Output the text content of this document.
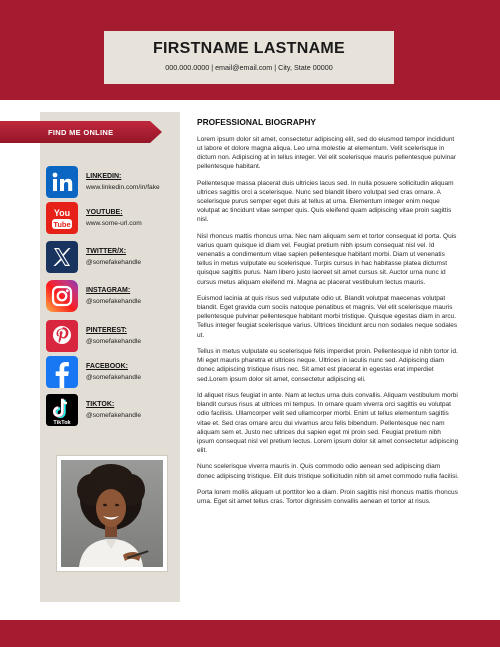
FIRSTNAME LASTNAME
000.000.0000 | email@email.com | City, State 00000
FIND ME ONLINE
LINKEDIN:
www.linkedin.com/in/fake
You
Tube
YOUTUBE:
www.some-url.com
TWITTER/X:
@somefakehandle
INSTAGRAM:
@somefakehandle
PINTEREST:
@somefakehandle
FACEBOOK:
@somefakehandle
TikTok
TIKTOK:
@somefakehandle
PROFESSIONAL BIOGRAPHY

Lorem ipsum dolor sit amet, consectetur adipiscing elit, sed do eiusmod tempor incididunt ut labore et dolore magna aliqua. Leo urna molestie at elementum. Velit scelerisque in dictum non. Adipiscing at in tellus integer. Vel elit scelerisque mauris pellentesque pulvinar pellentesque habitant.

Pellentesque massa placerat duis ultricies lacus sed. In nulla posuere sollicitudin aliquam ultrices sagittis orci a scelerisque. Nunc sed blandit libero volutpat sed cras ornare. A scelerisque purus semper eget duis at tellus at urna. Elementum integer enim neque volutpat ac tincidunt vitae semper quis. Quis eleifend quam adipiscing vitae proin sagittis nisl.

Nisl rhoncus mattis rhoncus urna. Nec nam aliquam sem et tortor consequat id porta. Quis varius quam quisque id diam vel. Feugiat pretium nibh ipsum consequat nisl vel. Id venenatis a condimentum vitae sapien pellentesque habitant morbi. Diam ut venenatis tellus in metus vulputate eu scelerisque. Turpis cursus in hac habitasse platea dictumst quisque sagittis purus. Nam libero justo laoreet sit amet cursus sit. Auctor urna nunc id cursus metus aliquam eleifend mi. Magna ac placerat vestibulum lectus mauris.

Euismod lacinia at quis risus sed vulputate odio ut. Blandit volutpat maecenas volutpat blandit. Eget gravida cum sociis natoque penatibus et magnis. Vel elit scelerisque mauris pellentesque pulvinar pellentesque habitant morbi tristique. Quisque egestas diam in arcu. Tellus integer feugiat scelerisque varius. Ultrices tincidunt arcu non sodales neque sodales ut.

Tellus in metus vulputate eu scelerisque felis imperdiet proin. Pellentesque id nibh tortor id. Mi eget mauris pharetra et ultrices neque. Ultrices in iaculis nunc sed. Adipiscing diam donec adipiscing tristique risus nec. Sit amet est placerat in egestas erat imperdiet sed.Lorem ipsum dolor sit amet, consectetur adipiscing eli.

Id aliquet risus feugiat in ante. Nam at lectus urna duis convallis. Aliquam vestibulum morbi blandit cursus risus at ultrices mi tempus. In ornare quam viverra orci sagittis eu volutpat odio facilisis. Ullamcorper velit sed ullamcorper morbi. Enim ut tellus elementum sagittis vitae et. Sed cras ornare arcu dui vivamus arcu felis bibendum. Pellentesque nec nam aliquam sem et. Justo nec ultrices dui sapien eget mi proin sed. Feugiat pretium nibh ipsum consequat nisl vel pretium lectus. Lorem ipsum dolor sit amet consectetur adipiscing elit.

Nunc scelerisque viverra mauris in. Quis commodo odio aenean sed adipiscing diam donec adipiscing tristique. Elit duis tristique sollicitudin nibh sit amet commodo nulla facilisi.

Porta lorem mollis aliquam ut porttitor leo a diam. Proin sagittis nisl rhoncus mattis rhoncus urna. Eget sit amet tellus cras. Tortor dignissim convallis aenean et tortor at risus.
